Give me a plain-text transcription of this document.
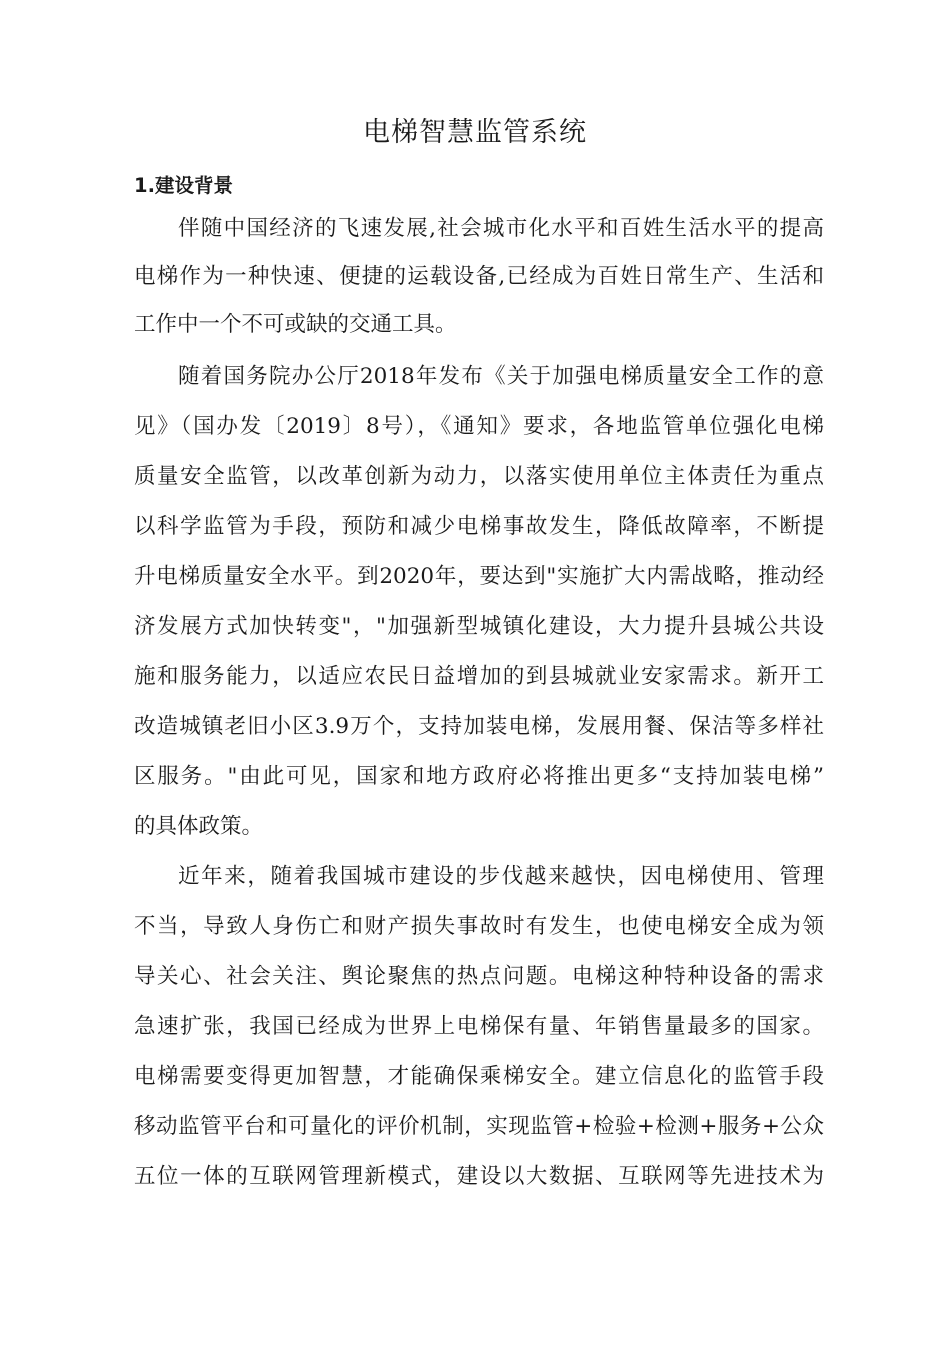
电梯智慧监管系统
1.建设背景
伴随中国经济的飞速发展,社会城市化水平和百姓生活水平的提高
电梯作为一种快速、便捷的运载设备,已经成为百姓日常生产、生活和
工作中一个不可或缺的交通工具。
随着国务院办公厅2018年发布《关于加强电梯质量安全工作的意
见》（国办发〔2019〕8号），《通知》要求，各地监管单位强化电梯
质量安全监管，以改革创新为动力，以落实使用单位主体责任为重点
以科学监管为手段，预防和减少电梯事故发生，降低故障率，不断提
升电梯质量安全水平。到2020年，要达到"实施扩大内需战略，推动经
济发展方式加快转变"，"加强新型城镇化建设，大力提升县城公共设
施和服务能力，以适应农民日益增加的到县城就业安家需求。新开工
改造城镇老旧小区3.9万个，支持加装电梯，发展用餐、保洁等多样社
区服务。"由此可见，国家和地方政府必将推出更多“支持加装电梯”
的具体政策。
近年来，随着我国城市建设的步伐越来越快，因电梯使用、管理
不当，导致人身伤亡和财产损失事故时有发生，也使电梯安全成为领
导关心、社会关注、舆论聚焦的热点问题。电梯这种特种设备的需求
急速扩张，我国已经成为世界上电梯保有量、年销售量最多的国家。
电梯需要变得更加智慧，才能确保乘梯安全。建立信息化的监管手段
移动监管平台和可量化的评价机制，实现监管+检验+检测+服务+公众
五位一体的互联网管理新模式，建设以大数据、互联网等先进技术为
